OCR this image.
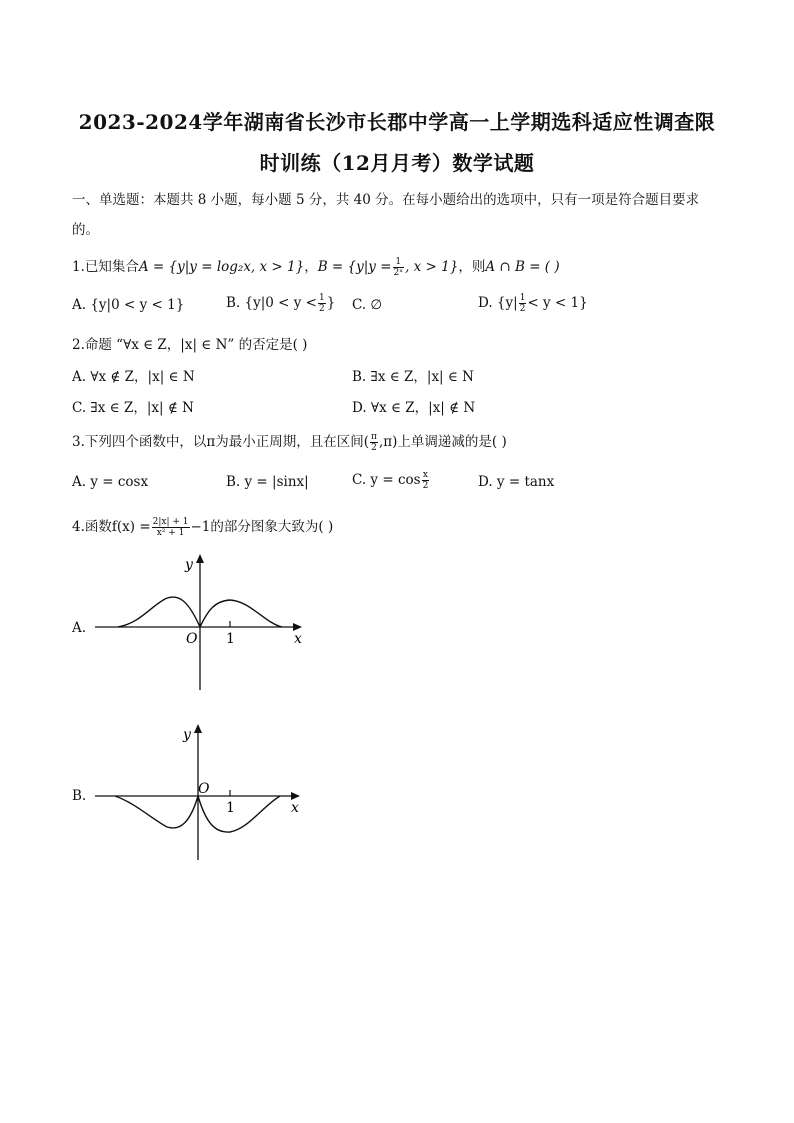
2023-2024学年湖南省长沙市长郡中学高一上学期选科适应性调查限
时训练（12月月考）数学试题
一、单选题：本题共 8 小题，每小题 5 分，共 40 分。在每小题给出的选项中，只有一项是符合题目要求
的。
1.已知集合A = {y|y = log₂x, x > 1}，$B = \{y|y = \frac{1}{\text{2ˣ}}$ , x > 1}，则A ∩ B = ( )
A. {y|0 < y < 1}	B. {$y|0 < y < \frac{1}{2}$ } C. ∅	D. $\{y| \frac{1}{2} < y < 1\}$
2.命题 “∀x ∈ Z，|x| ∈ N” 的否定是( )
A. ∀x ∉ Z，|x| ∈ N	B. ∃x ∈ Z，|x| ∈ N
C. ∃x ∈ Z，|x| ∉ N	D. ∀x ∈ Z，|x| ∉ N
3.下列四个函数中，以π为最小正周期，且在区间( $\frac{\pi}{2} ,\pi$)上单调递减的是( )
A. y = cosx	B. y = |sinx|	C. $y = \cos \frac{x}{2}$	D. y = tanx
4.函数$f(x) = \frac{2|x| + 1}{\text{x² + 1}} -1$的部分图象大致为( )
A.
O 1	x
y
B.	O
1	x
y
